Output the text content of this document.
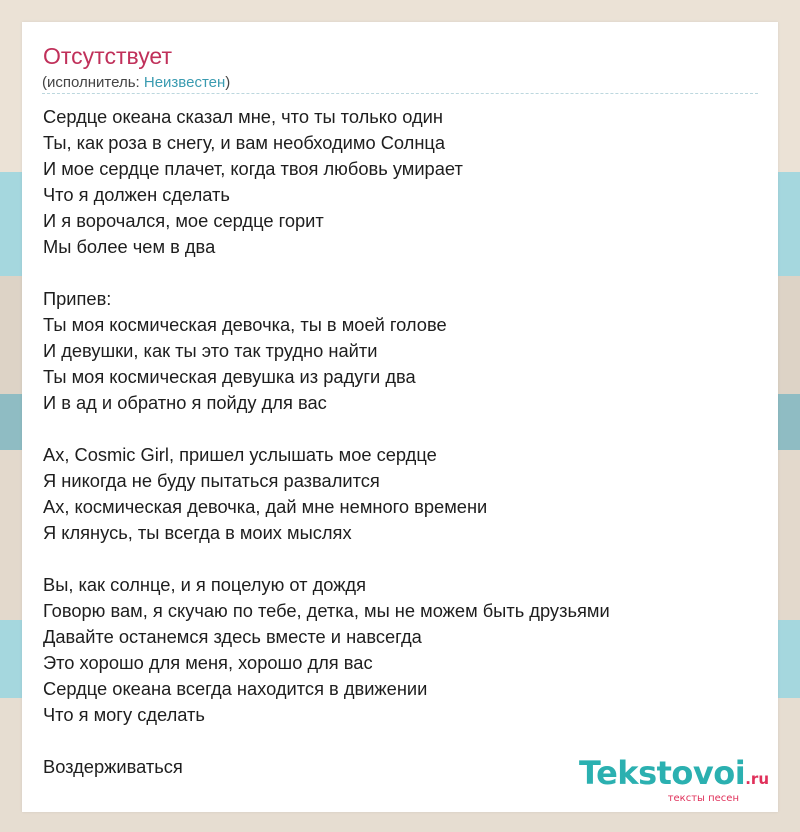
Отсутствует
(исполнитель: Неизвестен)
Сердце океана сказал мне, что ты только один
Ты, как роза в снегу, и вам необходимо Солнца
И мое сердце плачет, когда твоя любовь умирает
Что я должен сделать
И я ворочался, мое сердце горит
Мы более чем в два
Припев:
Ты моя космическая девочка, ты в моей голове
И девушки, как ты это так трудно найти
Ты моя космическая девушка из радуги два
И в ад и обратно я пойду для вас
Ах, Cosmic Girl, пришел услышать мое сердце
Я никогда не буду пытаться развалится
Ах, космическая девочка, дай мне немного времени
Я клянусь, ты всегда в моих мыслях
Вы, как солнце, и я поцелую от дождя
Говорю вам, я скучаю по тебе, детка, мы не можем быть друзьями
Давайте останемся здесь вместе и навсегда
Это хорошо для меня, хорошо для вас
Сердце океана всегда находится в движении
Что я могу сделать
Воздерживаться	Tekstovoi.ru
тексты песен
